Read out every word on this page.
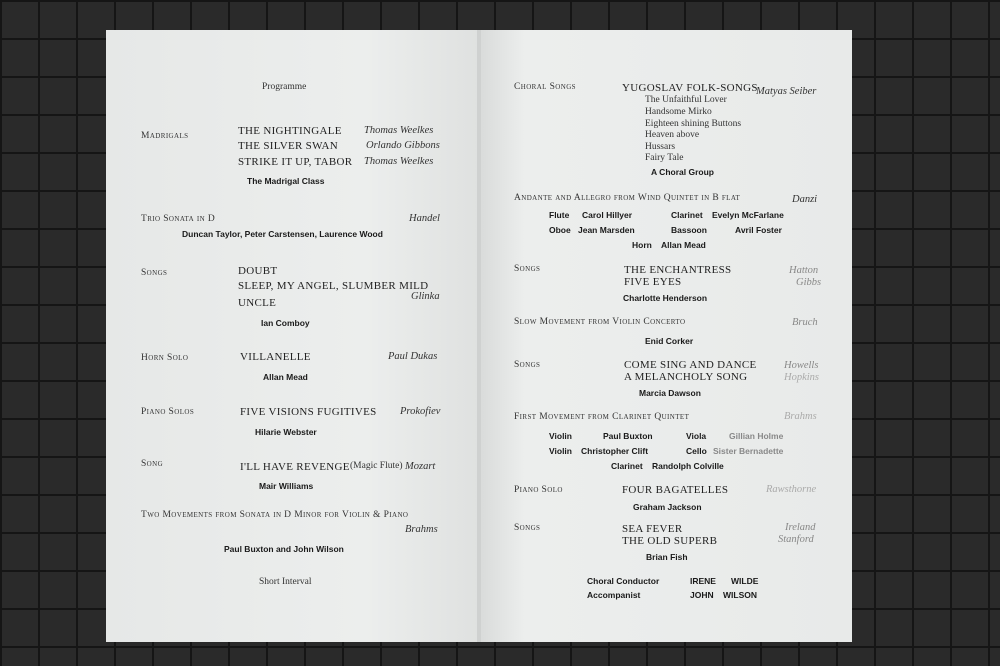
Programme
Madrigals	THE NIGHTINGALE Thomas Weelkes
THE SILVER SWAN	Orlando Gibbons
STRIKE IT UP, TABOR Thomas Weelkes
The Madrigal Class
Trio Sonata in D	Handel
Duncan Taylor, Peter Carstensen, Laurence Wood
Songs	DOUBT
SLEEP, MY ANGEL, SLUMBER MILD
Glinka
UNCLE
Ian Comboy
Horn Solo	VILLANELLE	Paul Dukas
Allan Mead
Piano Solos	FIVE VISIONS FUGITIVES Prokofiev
Hilarie Webster
Song	I'LL HAVE REVENGE (Magic Flute) Mozart
Mair Williams
Two Movements from Sonata in D Minor for Violin & Piano
Brahms
Paul Buxton and John Wilson
Short Interval
Choral Songs	YUGOSLAV FOLK-SONGS
Matyas Seiber
The Unfaithful Lover
Handsome Mirko
Eighteen shining Buttons
Heaven above
Hussars
Fairy Tale
A Choral Group
Andante and Allegro from Wind Quintet in B flat	Danzi
Flute Carol Hillyer	Clarinet Evelyn McFarlane
Oboe Jean Marsden	Bassoon	Avril Foster
Horn Allan Mead
Songs	THE ENCHANTRESS	Hatton
FIVE EYES	Gibbs
Charlotte Henderson
Slow Movement from Violin Concerto	Bruch
Enid Corker
Songs	COME SING AND DANCE	Howells
A MELANCHOLY SONG	Hopkins
Marcia Dawson
First Movement from Clarinet Quintet	Brahms
Violin	Paul Buxton	Viola	Gillian Holme
Violin Christopher Clift	Cello Sister Bernadette
Clarinet Randolph Colville
Piano Solo	FOUR BAGATELLES	Rawsthorne
Graham Jackson
Songs	SEA FEVER	Ireland
THE OLD SUPERB	Stanford
Brian Fish
Choral Conductor	IRENE WILDE
Accompanist	JOHN WILSON
